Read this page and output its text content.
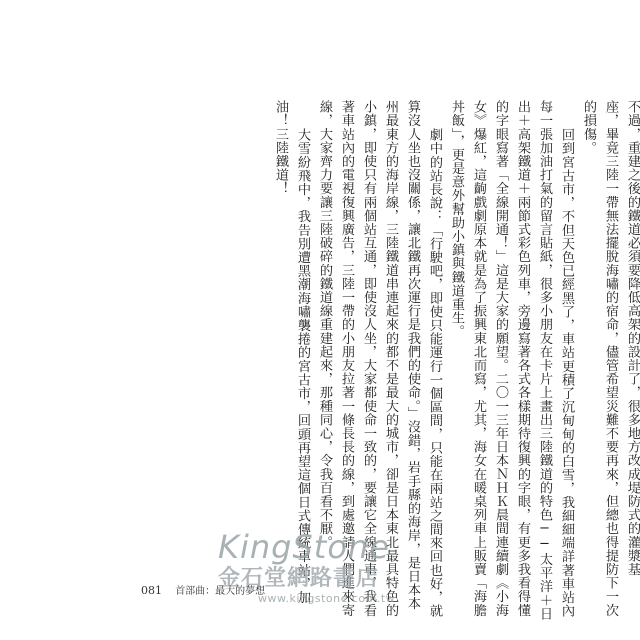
不過，重建之後的鐵道必須要降低高架的設計了，很多地方改成堤防式的灌漿基
座，畢竟三陸一帶無法擺脫海嘯的宿命，儘管希望災難不要再來，但總也得提防下一次
的損傷。
回到宮古市，不但天色已經黑了，車站更積了沉甸甸的白雪，我細細端詳著車站內
每一張加油打氣的留言貼紙，很多小朋友在卡片上畫出三陸鐵道的特色──太平洋＋日
出＋高架鐵道＋兩節式彩色列車，旁邊寫著各式各樣期待復興的字眼，有更多我看得懂
的字眼寫著「全線開通！」這是大家的願望。二〇一三年日本ＮＨＫ晨間連續劇《小海
女》爆紅，這齣戲劇原本就是為了振興東北而寫，尤其，海女在暖桌列車上販賣「海膽
丼飯」，更是意外幫助小鎮與鐵道重生。
劇中的站長說：「行駛吧，即使只能運行一個區間，只能在兩站之間來回也好，就
算沒人坐也沒關係，讓北鐵再次運行是我們的使命。」沒錯，岩手縣的海岸，是日本本
州最東方的海岸線，三陸鐵道串連起來的都不是最大的城市，卻是日本東北最具特色的
小鎮，即使只有兩個站互通，即使沒人坐，大家都使命一致的，要讓它全線通車，我看
著車站內的電視復興廣告，三陸一帶的小朋友拉著一條長長的線，到處邀請人們進來寄
線，大家齊力要讓三陸破碎的鐵道線重建起來，那種同心，令我百看不厭。
大雪紛飛中，我告別遭黑潮海嘯襲捲的宮古市，回頭再望這個日式傳統車站，加
油！三陸鐵道！
KingStone
金石堂網路書店
www.kingstone.com.tw
081 首部曲：最大的夢想
